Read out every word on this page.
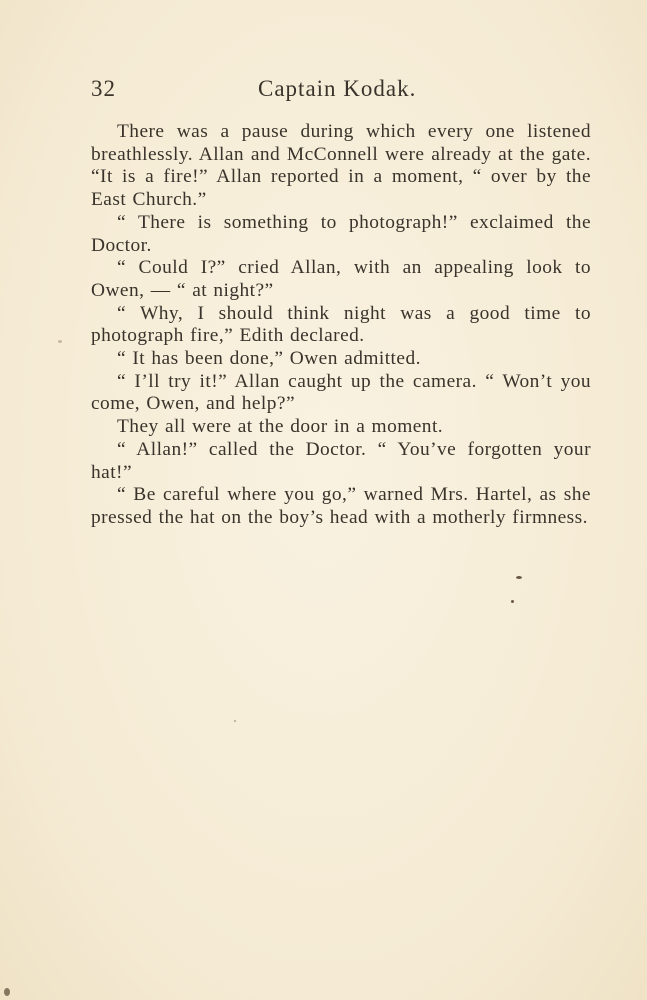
32	Captain Kodak.

There was a pause during which every one listened breathlessly. Allan and McConnell were already at the gate. “It is a fire!” Allan reported in a moment, “ over by the East Church.”

“ There is something to photograph!” exclaimed the Doctor.

“ Could I?” cried Allan, with an appealing look to Owen, — “ at night?”

“ Why, I should think night was a good time to photograph fire,” Edith declared.

“ It has been done,” Owen admitted.

“ I’ll try it!” Allan caught up the camera. “ Won’t you come, Owen, and help?”

They all were at the door in a moment.

“ Allan!” called the Doctor. “ You’ve forgotten your hat!”

“ Be careful where you go,” warned Mrs. Hartel, as she pressed the hat on the boy’s head with a motherly firmness.
